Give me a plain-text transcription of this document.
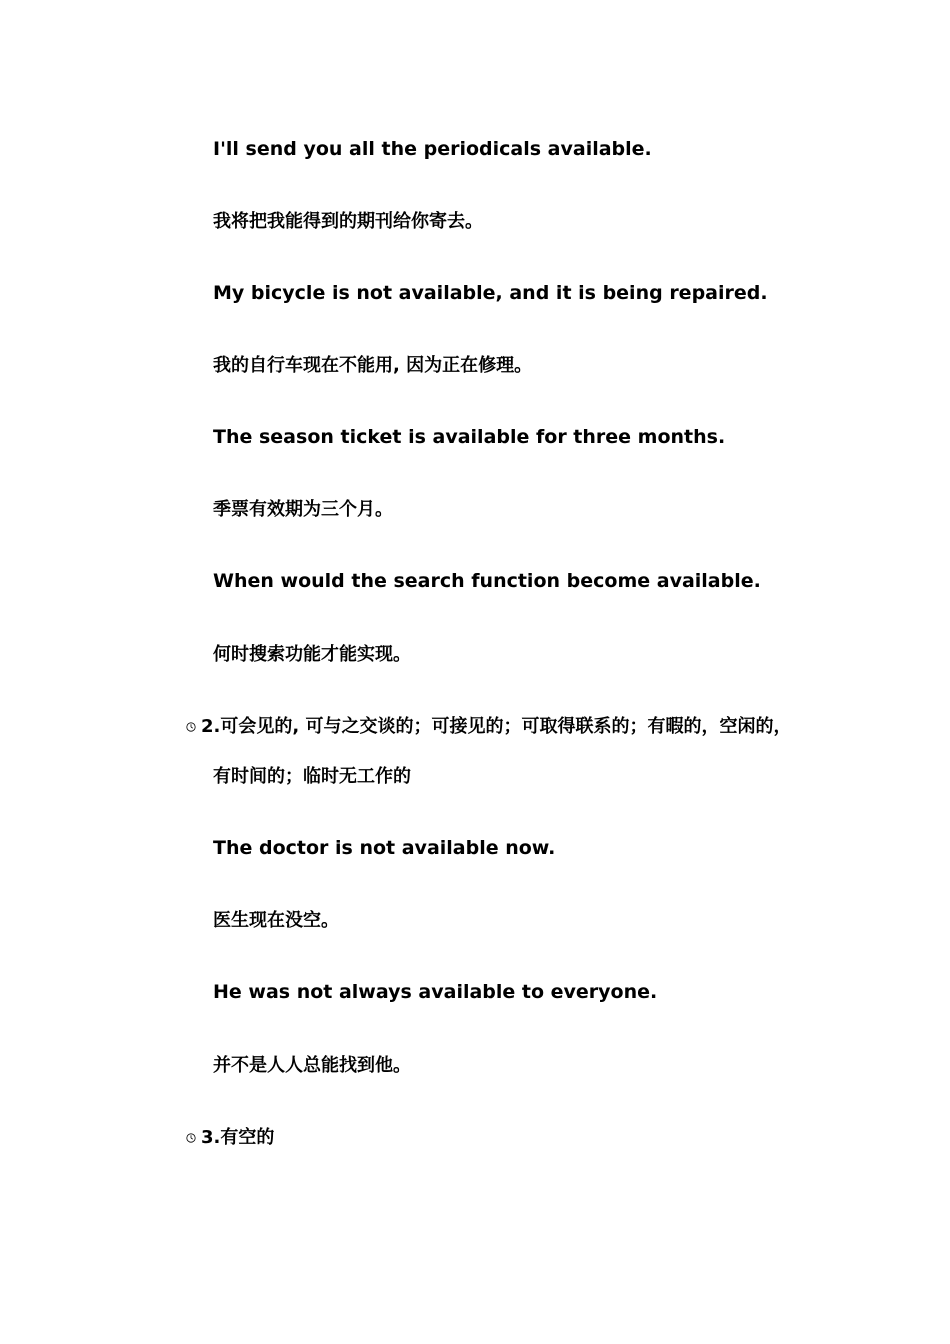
I'll send you all the periodicals available.
我将把我能得到的期刊给你寄去。
My bicycle is not available, and it is being repaired.
我的自行车现在不能用, 因为正在修理。
The season ticket is available for three months.
季票有效期为三个月。
When would the search function become available.
何时搜索功能才能实现。
2.可会见的, 可与之交谈的；可接见的；可取得联系的；有暇的，空闲的，
有时间的；临时无工作的
The doctor is not available now.
医生现在没空。
He was not always available to everyone.
并不是人人总能找到他。
3.有空的
